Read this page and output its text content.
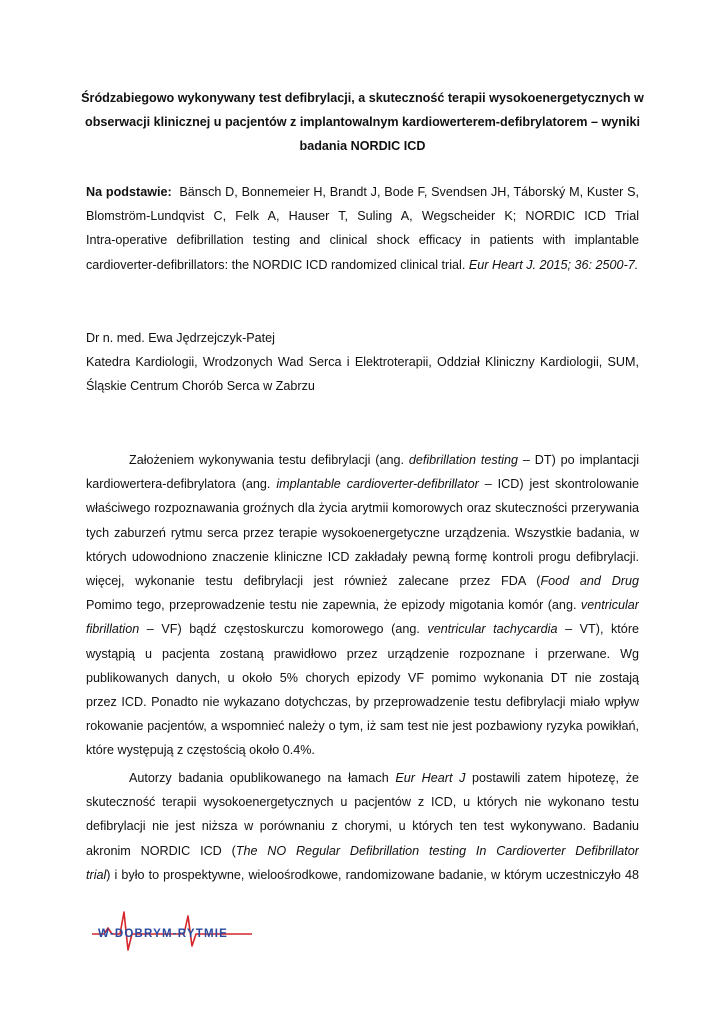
Śródzabiegowo wykonywany test defibrylacji, a skuteczność terapii wysokoenergetycznych w
obserwacji klinicznej u pacjentów z implantowalnym kardiowerterem-defibrylatorem – wyniki
badania NORDIC ICD
Na podstawie: Bänsch D, Bonnemeier H, Brandt J, Bode F, Svendsen JH, Táborský M, Kuster S,
Blomström-Lundqvist C, Felk A, Hauser T, Suling A, Wegscheider K; NORDIC ICD Trial
Intra-operative defibrillation testing and clinical shock efficacy in patients with implantable
cardioverter-defibrillators: the NORDIC ICD randomized clinical trial. Eur Heart J. 2015; 36: 2500-7.
Dr n. med. Ewa Jędrzejczyk-Patej
Katedra Kardiologii, Wrodzonych Wad Serca i Elektroterapii, Oddział Kliniczny Kardiologii, SUM,
Śląskie Centrum Chorób Serca w Zabrzu
Założeniem wykonywania testu defibrylacji (ang. defibrillation testing – DT) po implantacji
kardiowertera-defibrylatora (ang. implantable cardioverter-defibrillator – ICD) jest skontrolowanie
właściwego rozpoznawania groźnych dla życia arytmii komorowych oraz skuteczności przerywania
tych zaburzeń rytmu serca przez terapie wysokoenergetyczne urządzenia. Wszystkie badania, w
których udowodniono znaczenie kliniczne ICD zakładały pewną formę kontroli progu defibrylacji.
więcej, wykonanie testu defibrylacji jest również zalecane przez FDA (Food and Drug
Pomimo tego, przeprowadzenie testu nie zapewnia, że epizody migotania komór (ang. ventricular
fibrillation – VF) bądź częstoskurczu komorowego (ang. ventricular tachycardia – VT), które
wystąpią u pacjenta zostaną prawidłowo przez urządzenie rozpoznane i przerwane. Wg
publikowanych danych, u około 5% chorych epizody VF pomimo wykonania DT nie zostają
przez ICD. Ponadto nie wykazano dotychczas, by przeprowadzenie testu defibrylacji miało wpływ
rokowanie pacjentów, a wspomnieć należy o tym, iż sam test nie jest pozbawiony ryzyka powikłań,
które występują z częstością około 0.4%.
Autorzy badania opublikowanego na łamach Eur Heart J postawili zatem hipotezę, że
skuteczność terapii wysokoenergetycznych u pacjentów z ICD, u których nie wykonano testu
defibrylacji nie jest niższa w porównaniu z chorymi, u których ten test wykonywano. Badaniu
akronim NORDIC ICD (The NO Regular Defibrillation testing In Cardioverter Defibrillator
trial) i było to prospektywne, wieloośrodkowe, randomizowane badanie, w którym uczestniczyło 48
W-DOBRYM-RYTMIE
